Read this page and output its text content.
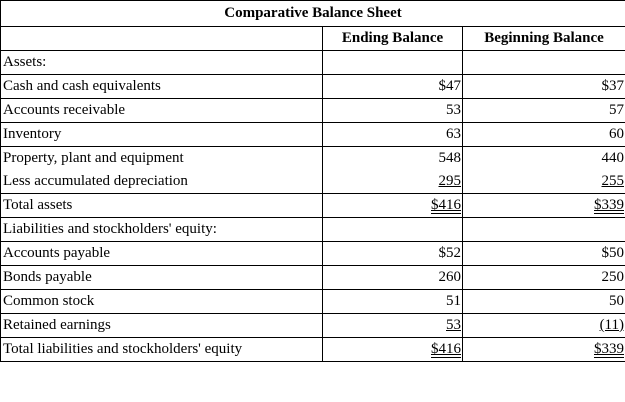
Comparative Balance Sheet		
	Ending Balance	Beginning Balance
Assets:		
Cash and cash equivalents	$47	$37
Accounts receivable	53	57
Inventory	63	60
Property, plant and equipment	548	440
Less accumulated depreciation	295	255
Total assets	$416	$339
Liabilities and stockholders' equity:		
Accounts payable	$52	$50
Bonds payable	260	250
Common stock	51	50
Retained earnings	53	(11)
Total liabilities and stockholders' equity	$416	$339
